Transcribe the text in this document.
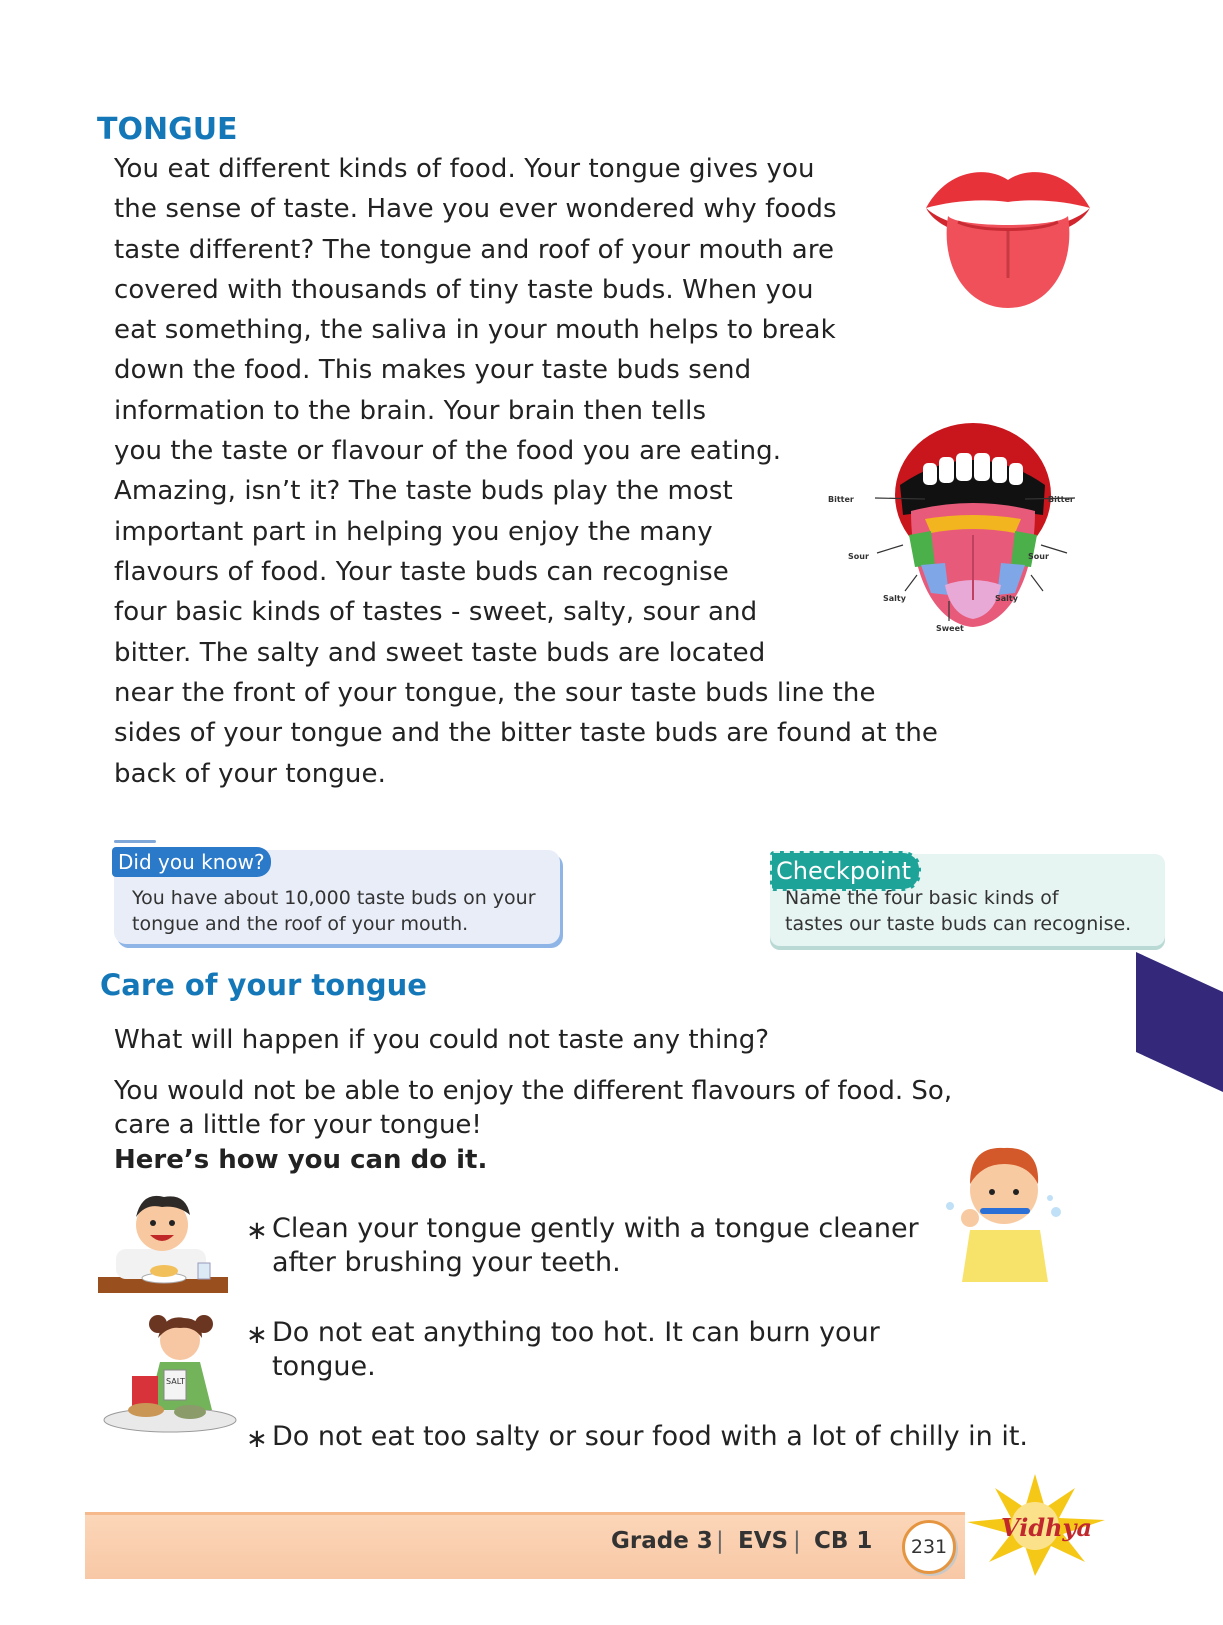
TONGUE
You eat different kinds of food. Your tongue gives you
the sense of taste. Have you ever wondered why foods
taste different? The tongue and roof of your mouth are
covered with thousands of tiny taste buds. When you
eat something, the saliva in your mouth helps to break
down the food. This makes your taste buds send
information to the brain. Your brain then tells
you the taste or flavour of the food you are eating.
Amazing, isn’t it? The taste buds play the most
important part in helping you enjoy the many
flavours of food. Your taste buds can recognise
four basic kinds of tastes - sweet, salty, sour and
bitter. The salty and sweet taste buds are located
near the front of your tongue, the sour taste buds line the
sides of your tongue and the bitter taste buds are found at the
back of your tongue.
Bitter	Bitter
Sour	Sour
Salty	Salty
Sweet
Did you know?
You have about 10,000 taste buds on your
tongue and the roof of your mouth.
Checkpoint
Name the four basic kinds of
tastes our taste buds can recognise.
Care of your tongue
What will happen if you could not taste any thing?
You would not be able to enjoy the different flavours of food. So,
care a little for your tongue!
Here’s how you can do it.
∗ Clean your tongue gently with a tongue cleaner
after brushing your teeth.
∗ Do not eat anything too hot. It can burn your
tongue.
∗ Do not eat too salty or sour food with a lot of chilly in it.
SALT
Grade 3 | EVS | CB 1	231
Vidhya
